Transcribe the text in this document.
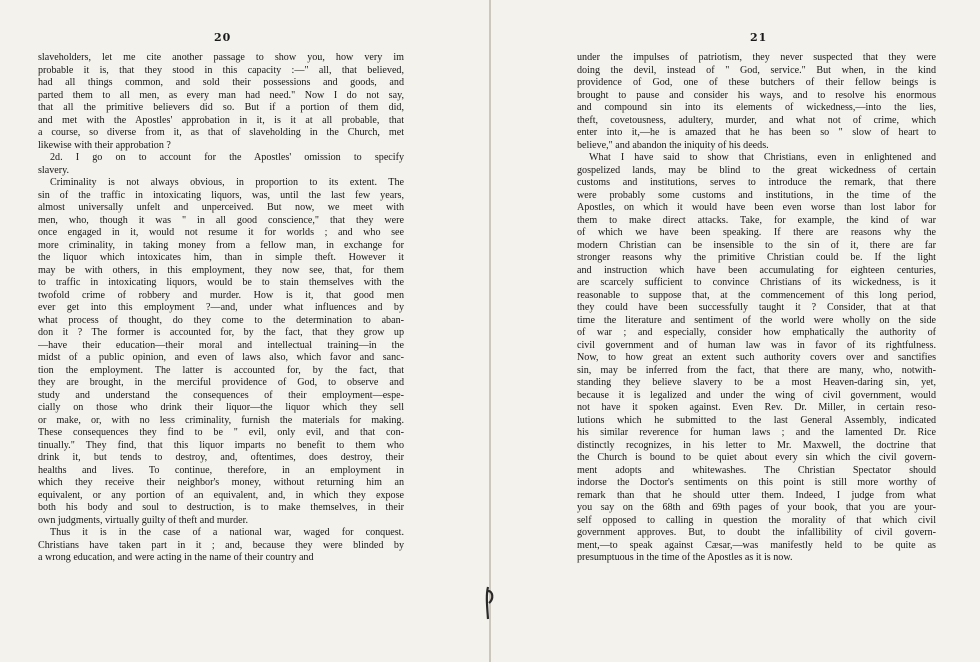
20
slaveholders, let me cite another passage to show you, how very im
probable it is, that they stood in this capacity :—" all, that believed,
had all things common, and sold their possessions and goods, and
parted them to all men, as every man had need." Now I do not say,
that all the primitive believers did so. But if a portion of them did,
and met with the Apostles' approbation in it, is it at all probable, that
a course, so diverse from it, as that of slaveholding in the Church, met
likewise with their approbation ?
2d. I go on to account for the Apostles' omission to specify
slavery.
Criminality is not always obvious, in proportion to its extent. The
sin of the traffic in intoxicating liquors, was, until the last few years,
almost universally unfelt and unperceived. But now, we meet with
men, who, though it was " in all good conscience," that they were
once engaged in it, would not resume it for worlds ; and who see
more criminality, in taking money from a fellow man, in exchange for
the liquor which intoxicates him, than in simple theft. However it
may be with others, in this employment, they now see, that, for them
to traffic in intoxicating liquors, would be to stain themselves with the
twofold crime of robbery and murder. How is it, that good men
ever get into this employment ?—and, under what influences and by
what process of thought, do they come to the determination to aban-
don it ? The former is accounted for, by the fact, that they grow up
—have their education—their moral and intellectual training—in the
midst of a public opinion, and even of laws also, which favor and sanc-
tion the employment. The latter is accounted for, by the fact, that
they are brought, in the merciful providence of God, to observe and
study and understand the consequences of their employment—espe-
cially on those who drink their liquor—the liquor which they sell
or make, or, with no less criminality, furnish the materials for making.
These consequences they find to be " evil, only evil, and that con-
tinually." They find, that this liquor imparts no benefit to them who
drink it, but tends to destroy, and, oftentimes, does destroy, their
healths and lives. To continue, therefore, in an employment in
which they receive their neighbor's money, without returning him an
equivalent, or any portion of an equivalent, and, in which they expose
both his body and soul to destruction, is to make themselves, in their
own judgments, virtually guilty of theft and murder.
Thus it is in the case of a national war, waged for conquest.
Christians have taken part in it ; and, because they were blinded by
a wrong education, and were acting in the name of their country and
21
under the impulses of patriotism, they never suspected that they were
doing the devil, instead of " God, service." But when, in the kind
providence of God, one of these butchers of their fellow beings is
brought to pause and consider his ways, and to resolve his enormous
and compound sin into its elements of wickedness,—into the lies,
theft, covetousness, adultery, murder, and what not of crime, which
enter into it,—he is amazed that he has been so " slow of heart to
believe," and abandon the iniquity of his deeds.
What I have said to show that Christians, even in enlightened and
gospelized lands, may be blind to the great wickedness of certain
customs and institutions, serves to introduce the remark, that there
were probably some customs and institutions, in the time of the
Apostles, on which it would have been even worse than lost labor for
them to make direct attacks. Take, for example, the kind of war
of which we have been speaking. If there are reasons why the
modern Christian can be insensible to the sin of it, there are far
stronger reasons why the primitive Christian could be. If the light
and instruction which have been accumulating for eighteen centuries,
are scarcely sufficient to convince Christians of its wickedness, is it
reasonable to suppose that, at the commencement of this long period,
they could have been successfully taught it ? Consider, that at that
time the literature and sentiment of the world were wholly on the side
of war ; and especially, consider how emphatically the authority of
civil government and of human law was in favor of its rightfulness.
Now, to how great an extent such authority covers over and sanctifies
sin, may be inferred from the fact, that there are many, who, notwith-
standing they believe slavery to be a most Heaven-daring sin, yet,
because it is legalized and under the wing of civil government, would
not have it spoken against. Even Rev. Dr. Miller, in certain reso-
lutions which he submitted to the last General Assembly, indicated
his similar reverence for human laws ; and the lamented Dr. Rice
distinctly recognizes, in his letter to Mr. Maxwell, the doctrine that
the Church is bound to be quiet about every sin which the civil govern-
ment adopts and whitewashes. The Christian Spectator should
indorse the Doctor's sentiments on this point is still more worthy of
remark than that he should utter them. Indeed, I judge from what
you say on the 68th and 69th pages of your book, that you are your-
self opposed to calling in question the morality of that which civil
government approves. But, to doubt the infallibility of civil govern-
ment,—to speak against Cæsar,—was manifestly held to be quite as
presumptuous in the time of the Apostles as it is now.
